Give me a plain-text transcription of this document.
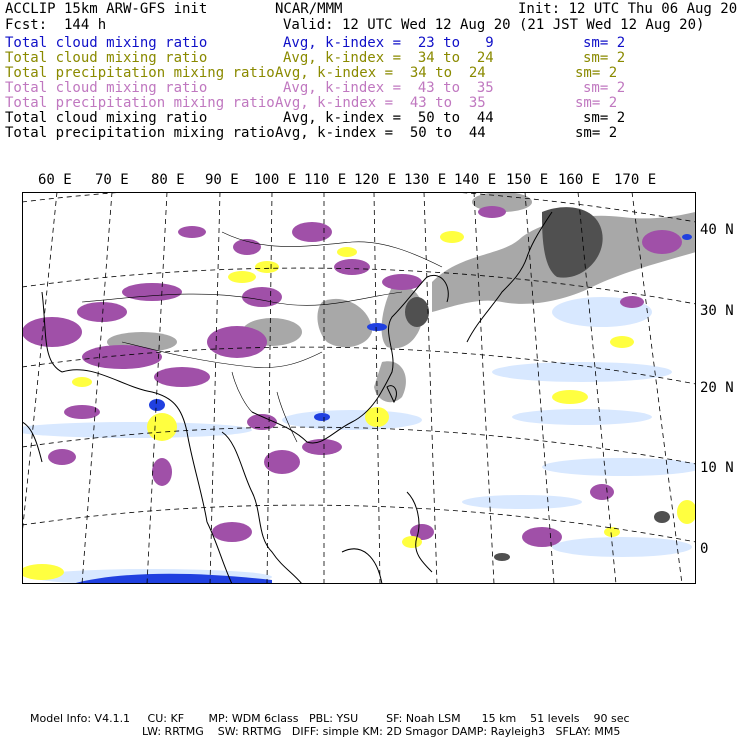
ACCLIP 15km ARW-GFS init	NCAR/MMM	Init: 12 UTC Thu 06 Aug 20
Fcst:  144 h	Valid: 12 UTC Wed 12 Aug 20 (21 JST Wed 12 Aug 20)
Total cloud mixing ratio	Avg, k-index =  23 to   9	sm= 2
Total cloud mixing ratio	Avg, k-index =  34 to  24	sm= 2
Total precipitation mixing ratio Avg, k-index =  34 to  24	sm= 2
Total cloud mixing ratio	Avg, k-index =  43 to  35	sm= 2
Total precipitation mixing ratio Avg, k-index =  43 to  35	sm= 2
Total cloud mixing ratio	Avg, k-index =  50 to  44	sm= 2
Total precipitation mixing ratio Avg, k-index =  50 to  44	sm= 2
60 E 70 E 80 E 90 E 100 E 110 E 120 E 130 E 140 E 150 E 160 E 170 E
40 N
30 N
20 N
10 N
0
Model Info: V4.1.1     CU: KF       MP: WDM 6class   PBL: YSU        SF: Noah LSM      15 km    51 levels    90 sec
LW: RRTMG    SW: RRTMG   DIFF: simple KM: 2D Smagor DAMP: Rayleigh3   SFLAY: MM5
